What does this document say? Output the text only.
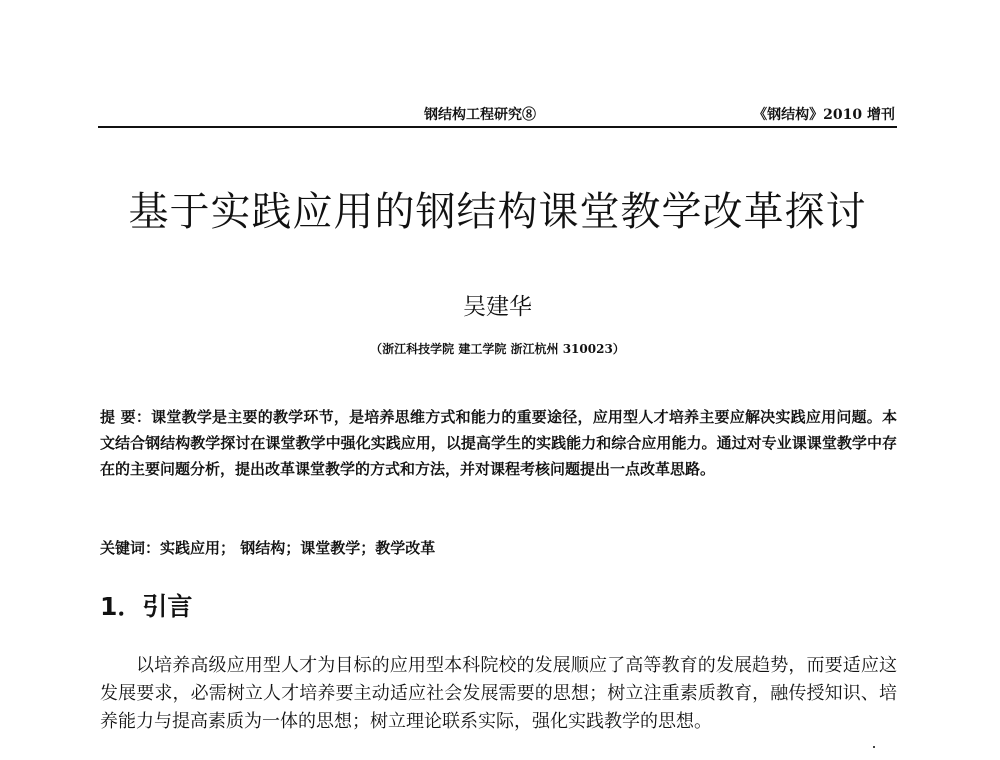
钢结构工程研究⑧	《钢结构》2010 增刊
基于实践应用的钢结构课堂教学改革探讨
吴建华
（浙江科技学院 建工学院 浙江杭州 310023）
提 要：课堂教学是主要的教学环节，是培养思维方式和能力的重要途径，应用型人才培养主要应解决实践应用问题。本文结合钢结构教学探讨在课堂教学中强化实践应用，以提高学生的实践能力和综合应用能力。通过对专业课课堂教学中存在的主要问题分析，提出改革课堂教学的方式和方法，并对课程考核问题提出一点改革思路。
关键词：实践应用； 钢结构；课堂教学；教学改革
1．引言
以培养高级应用型人才为目标的应用型本科院校的发展顺应了高等教育的发展趋势，而要适应这发展要求，必需树立人才培养要主动适应社会发展需要的思想；树立注重素质教育，融传授知识、培养能力与提高素质为一体的思想；树立理论联系实际，强化实践教学的思想。
